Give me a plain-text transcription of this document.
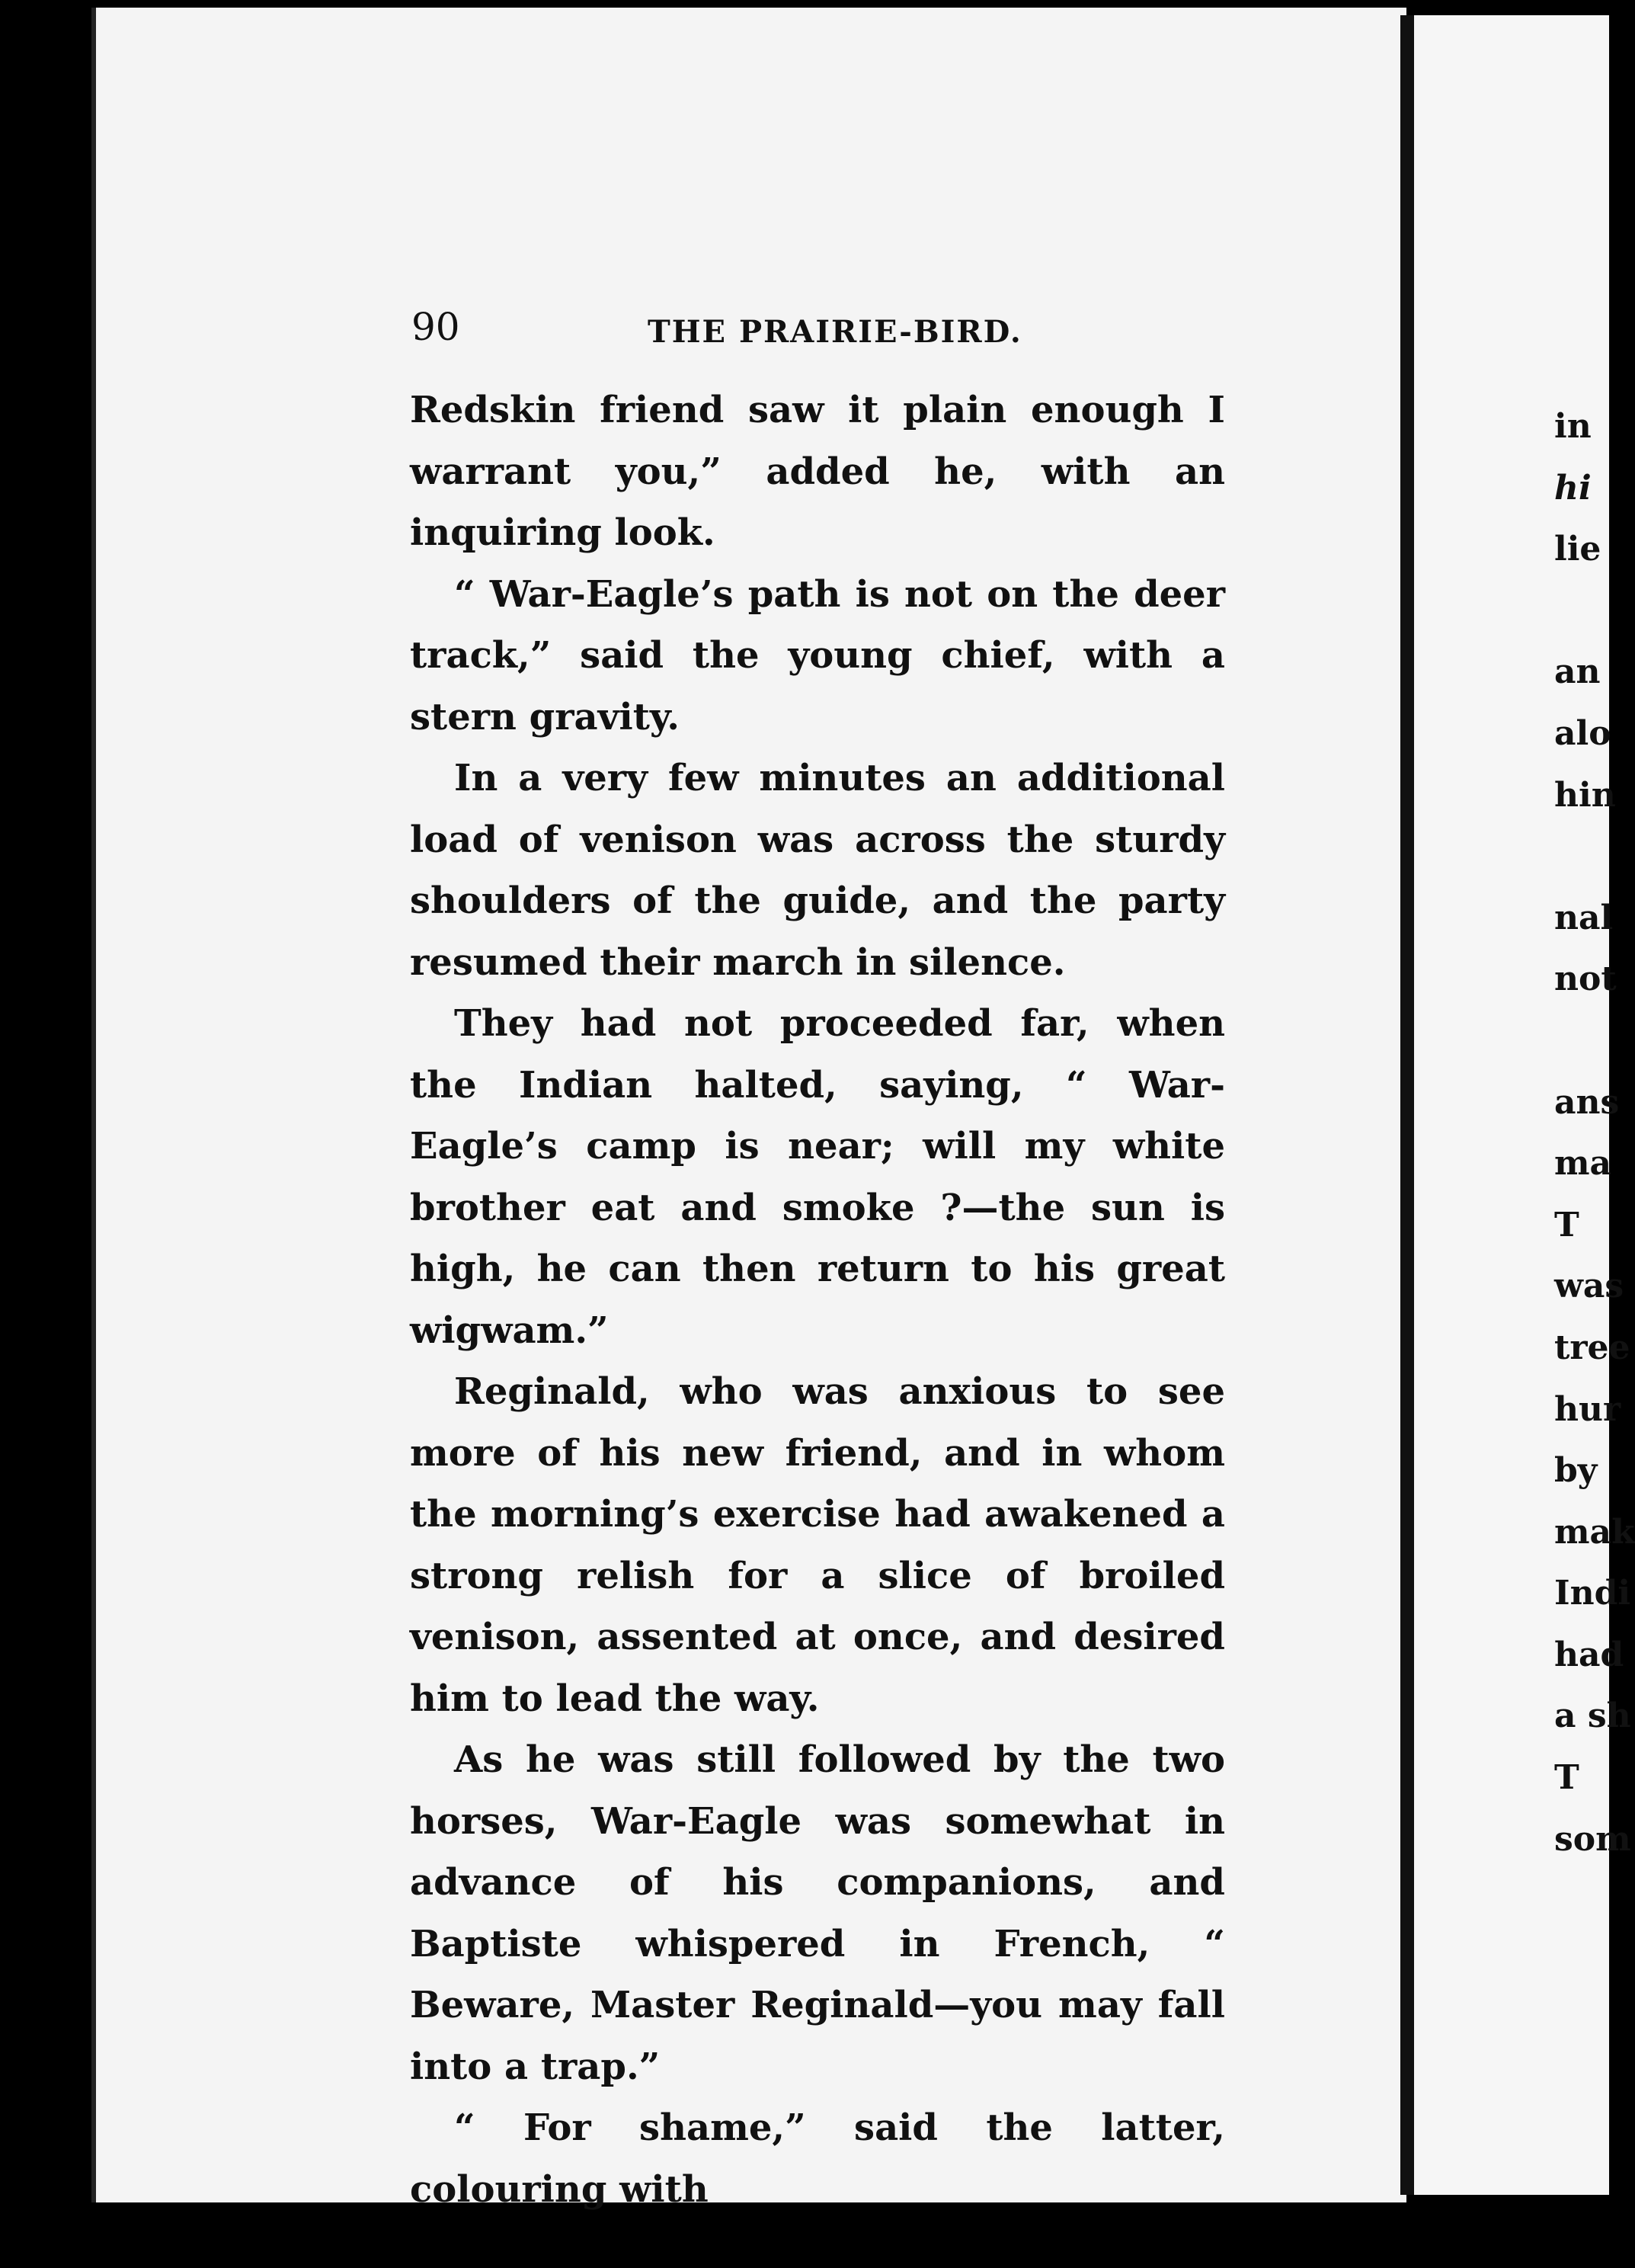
90	THE PRAIRIE-BIRD.

Redskin friend saw it plain enough I warrant you,” added he, with an inquiring look.

“ War-Eagle’s path is not on the deer track,” said the young chief, with a stern gravity.

In a very few minutes an additional load of venison was across the sturdy shoulders of the guide, and the party resumed their march in silence.

They had not proceeded far, when the Indian halted, saying, “ War-Eagle’s camp is near; will my white brother eat and smoke ?—the sun is high, he can then return to his great wigwam.”

Reginald, who was anxious to see more of his new friend, and in whom the morning’s exercise had awakened a strong relish for a slice of broiled venison, assented at once, and desired him to lead the way.

As he was still followed by the two horses, War-Eagle was somewhat in advance of his companions, and Baptiste whispered in French, “ Beware, Master Reginald—you may fall into a trap.”

“ For shame,” said the latter, colouring with

in
hi
lie
an
alo
hin
nal
not
ans
ma
T
was
tree
hur
by
mak
Indi
had
a sh
T
som
